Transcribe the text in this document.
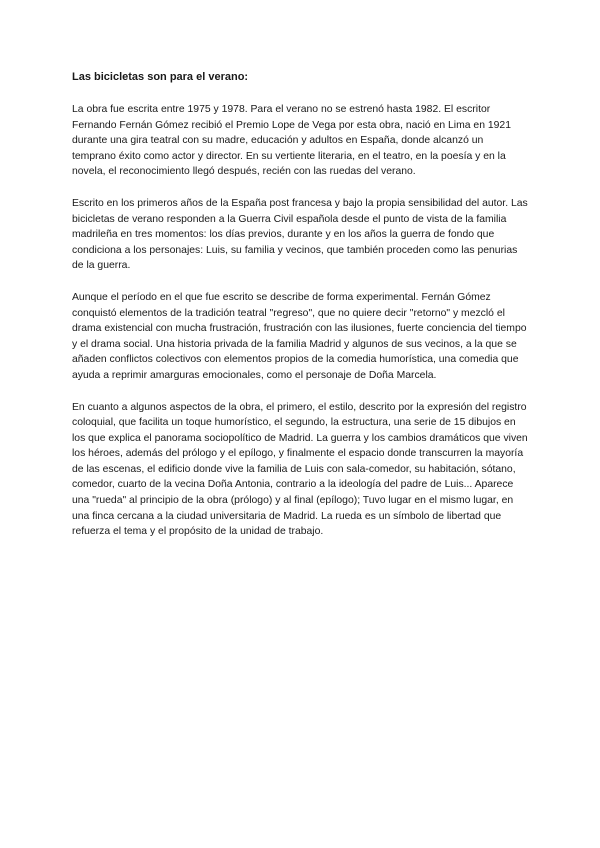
Las bicicletas son para el verano:

La obra fue escrita entre 1975 y 1978. Para el verano no se estrenó hasta 1982. El escritor Fernando Fernán Gómez recibió el Premio Lope de Vega por esta obra, nació en Lima en 1921 durante una gira teatral con su madre, educación y adultos en España, donde alcanzó un temprano éxito como actor y director. En su vertiente literaria, en el teatro, en la poesía y en la novela, el reconocimiento llegó después, recién con las ruedas del verano.

Escrito en los primeros años de la España post francesa y bajo la propia sensibilidad del autor. Las bicicletas de verano responden a la Guerra Civil española desde el punto de vista de la familia madrileña en tres momentos: los días previos, durante y en los años la guerra de fondo que condiciona a los personajes: Luis, su familia y vecinos, que también proceden como las penurias de la guerra.

Aunque el período en el que fue escrito se describe de forma experimental. Fernán Gómez conquistó elementos de la tradición teatral "regreso", que no quiere decir "retorno" y mezcló el drama existencial con mucha frustración, frustración con las ilusiones, fuerte conciencia del tiempo y el drama social. Una historia privada de la familia Madrid y algunos de sus vecinos, a la que se añaden conflictos colectivos con elementos propios de la comedia humorística, una comedia que ayuda a reprimir amarguras emocionales, como el personaje de Doña Marcela.

En cuanto a algunos aspectos de la obra, el primero, el estilo, descrito por la expresión del registro coloquial, que facilita un toque humorístico, el segundo, la estructura, una serie de 15 dibujos en los que explica el panorama sociopolítico de Madrid. La guerra y los cambios dramáticos que viven los héroes, además del prólogo y el epílogo, y finalmente el espacio donde transcurren la mayoría de las escenas, el edificio donde vive la familia de Luis con sala-comedor, su habitación, sótano, comedor, cuarto de la vecina Doña Antonia, contrario a la ideología del padre de Luis... Aparece una "rueda" al principio de la obra (prólogo) y al final (epílogo); Tuvo lugar en el mismo lugar, en una finca cercana a la ciudad universitaria de Madrid. La rueda es un símbolo de libertad que refuerza el tema y el propósito de la unidad de trabajo.
